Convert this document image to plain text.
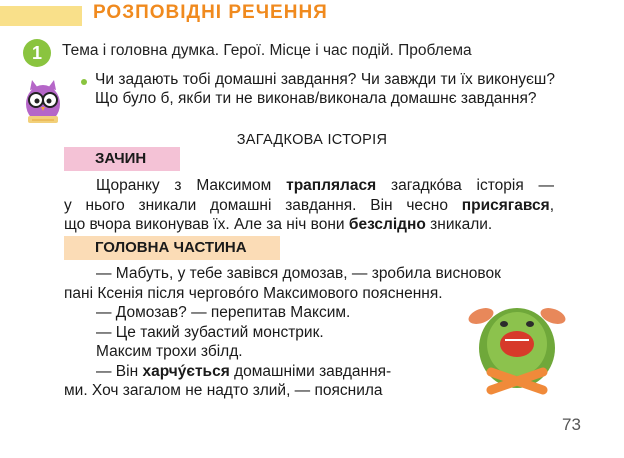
РОЗПОВІДНІ РЕЧЕННЯ
1	Тема і головна думка. Герої. Місце і час подій. Проблема
Чи задають тобі домашні завдання? Чи завжди ти їх виконуєш? Що було б, якби ти не виконав/виконала домашнє завдання?
ЗАГАДКОВА ІСТОРІЯ
ЗАЧИН
Щоранку з Максимом траплялася загадкóва історія —
у нього зникали домашні завдання. Він чесно присягався,
що вчора виконував їх. Але за ніч вони безслідно зникали.
ГОЛОВНА ЧАСТИНА
— Мабуть, у тебе завівся домозав, — зробила висновок
пані Ксенія після черговóго Максимового пояснення.
— Домозав? — перепитав Максим.
— Це такий зубастий монстрик.
Максим трохи збілд.
— Він харчýється домашніми завдання-
ми. Хоч загалом не надто злий, — пояснила
73
